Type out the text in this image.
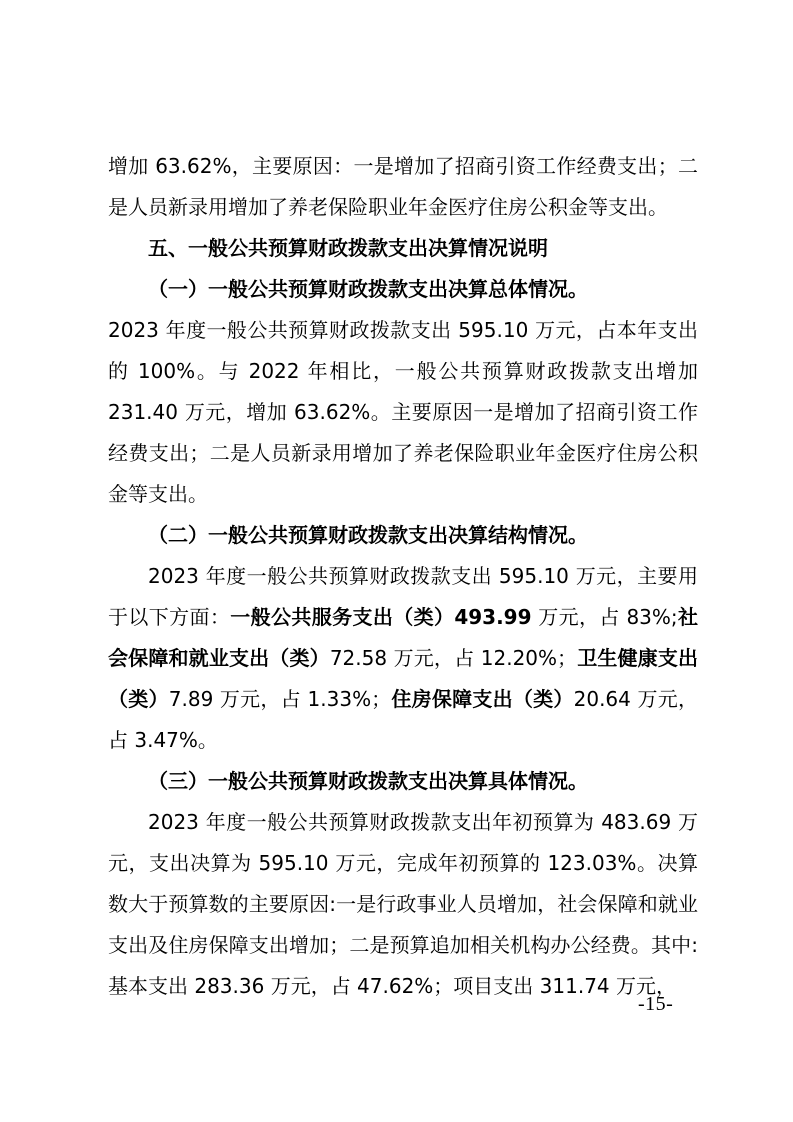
增加 63.62%，主要原因：一是增加了招商引资工作经费支出；二是人员新录用增加了养老保险职业年金医疗住房公积金等支出。

五、一般公共预算财政拨款支出决算情况说明

（一）一般公共预算财政拨款支出决算总体情况。

2023 年度一般公共预算财政拨款支出 595.10 万元，占本年支出的 100%。与 2022 年相比，一般公共预算财政拨款支出增加 231.40 万元，增加 63.62%。主要原因一是增加了招商引资工作经费支出；二是人员新录用增加了养老保险职业年金医疗住房公积金等支出。

（二）一般公共预算财政拨款支出决算结构情况。

2023 年度一般公共预算财政拨款支出 595.10 万元，主要用于以下方面：一般公共服务支出（类）493.99 万元，占 83%;社会保障和就业支出（类）72.58 万元，占 12.20%；卫生健康支出（类）7.89 万元，占 1.33%；住房保障支出（类）20.64 万元，占 3.47%。

（三）一般公共预算财政拨款支出决算具体情况。

2023 年度一般公共预算财政拨款支出年初预算为 483.69 万元，支出决算为 595.10 万元，完成年初预算的 123.03%。决算数大于预算数的主要原因:一是行政事业人员增加，社会保障和就业支出及住房保障支出增加；二是预算追加相关机构办公经费。其中:基本支出 283.36 万元，占 47.62%；项目支出 311.74 万元，

-15-
